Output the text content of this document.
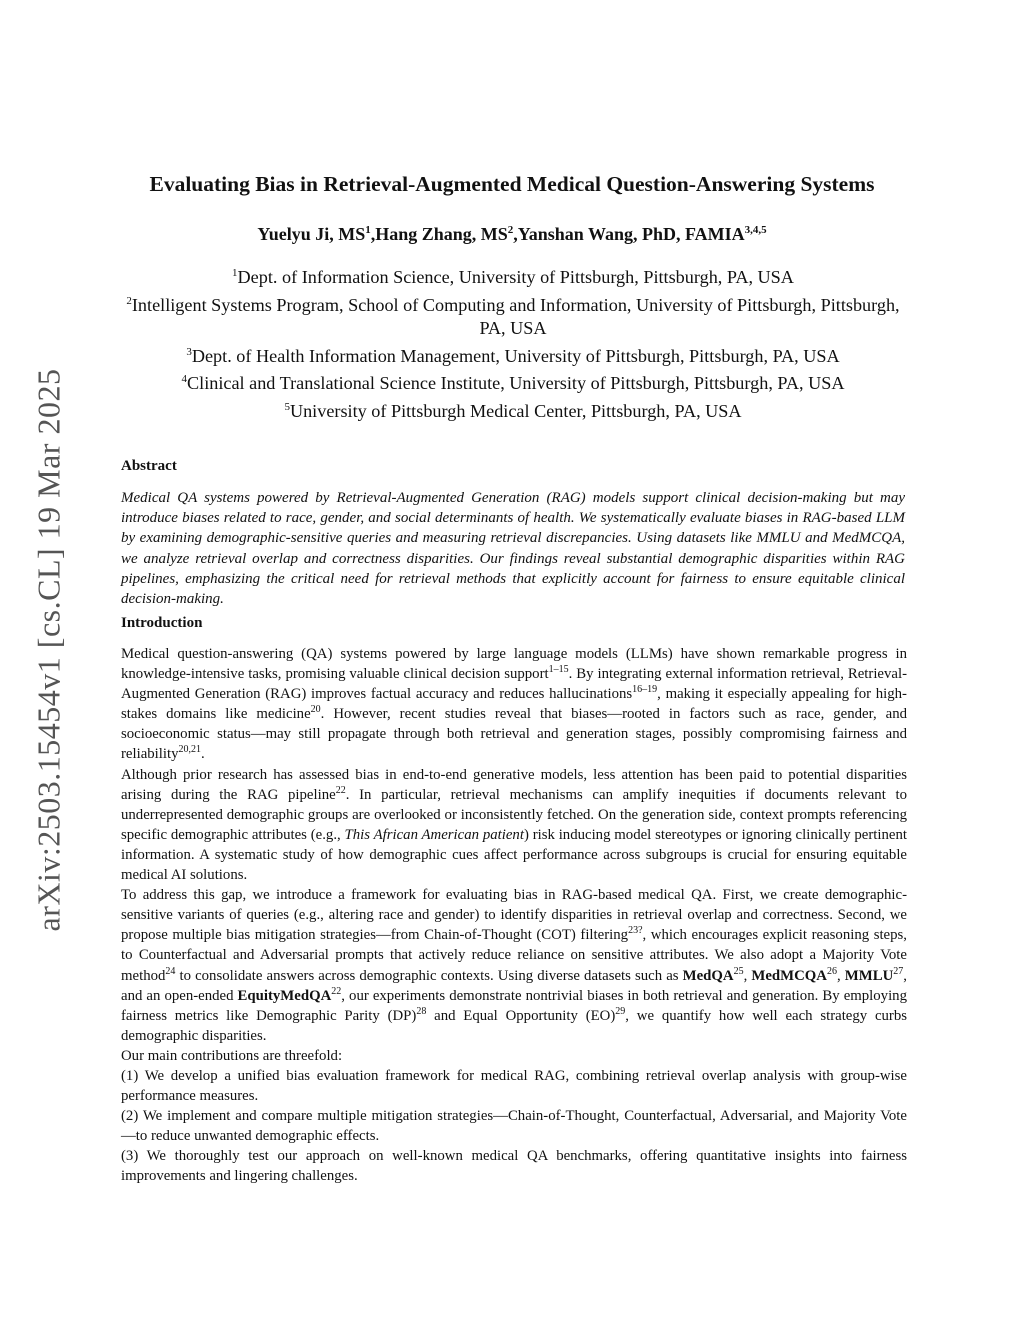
arXiv:2503.15454v1 [cs.CL] 19 Mar 2025
Evaluating Bias in Retrieval-Augmented Medical Question-Answering Systems
Yuelyu Ji, $MS^1,Hang$ Zhang, $MS^2,Yanshan$ Wang, PhD, FAMIA$^{3,4,5}$
$^1$Dept. of Information Science, University of Pittsburgh, Pittsburgh, PA, USA
$^2$Intelligent Systems Program, School of Computing and Information, University of Pittsburgh, Pittsburgh, PA, USA
$^3$Dept. of Health Information Management, University of Pittsburgh, Pittsburgh, PA, USA
$^4$Clinical and Translational Science Institute, University of Pittsburgh, Pittsburgh, PA, USA
$^5$University of Pittsburgh Medical Center, Pittsburgh, PA, USA
Abstract

Medical QA systems powered by Retrieval-Augmented Generation (RAG) models support clinical decision-making but may introduce biases related to race, gender, and social determinants of health. We systematically evaluate biases in RAG-based LLM by examining demographic-sensitive queries and measuring retrieval discrepancies. Using datasets like MMLU and MedMCQA, we analyze retrieval overlap and correctness disparities. Our findings reveal substantial demographic disparities within RAG pipelines, emphasizing the critical need for retrieval methods that explicitly account for fairness to ensure equitable clinical decision-making.

Introduction

Medical question-answering (QA) systems powered by large language models (LLMs) have shown remarkable progress in knowledge-intensive tasks, promising valuable clinical decision support$^{1-15}$. By integrating external information retrieval, Retrieval-Augmented Generation (RAG) improves factual accuracy and reduces hallucinations$^{16-19}$, making it especially appealing for high-stakes domains like medicine$^{20}$. However, recent studies reveal that biases—rooted in factors such as race, gender, and socioeconomic status—may still propagate through both retrieval and generation stages, possibly compromising fairness and reliability$^{20,21}$.

Although prior research has assessed bias in end-to-end generative models, less attention has been paid to potential disparities arising during the RAG pipeline$^{22}$. In particular, retrieval mechanisms can amplify inequities if documents relevant to underrepresented demographic groups are overlooked or inconsistently fetched. On the generation side, context prompts referencing specific demographic attributes (e.g., This African American patient) risk inducing model stereotypes or ignoring clinically pertinent information. A systematic study of how demographic cues affect performance across subgroups is crucial for ensuring equitable medical AI solutions.

To address this gap, we introduce a framework for evaluating bias in RAG-based medical QA. First, we create demographic-sensitive variants of queries (e.g., altering race and gender) to identify disparities in retrieval overlap and correctness. Second, we propose multiple bias mitigation strategies—from Chain-of-Thought (COT) filtering$^{23?}$, which encourages explicit reasoning steps, to Counterfactual and Adversarial prompts that actively reduce reliance on sensitive attributes. We also adopt a Majority Vote method$^{24}$ to consolidate answers across demographic contexts. Using diverse datasets such as MedQA$^{25}$, MedMCQA$^{26}$, MMLU$^{27}$, and an open-ended EquityMedQA$^{22}$, our experiments demonstrate nontrivial biases in both retrieval and generation. By employing fairness metrics like Demographic Parity (DP)$^{28}$ and Equal Opportunity (EO)$^{29}$, we quantify how well each strategy curbs demographic disparities.

Our main contributions are threefold:

(1) We develop a unified bias evaluation framework for medical RAG, combining retrieval overlap analysis with group-wise performance measures.

(2) We implement and compare multiple mitigation strategies—Chain-of-Thought, Counterfactual, Adversarial, and Majority Vote—to reduce unwanted demographic effects.

(3) We thoroughly test our approach on well-known medical QA benchmarks, offering quantitative insights into fairness improvements and lingering challenges.
